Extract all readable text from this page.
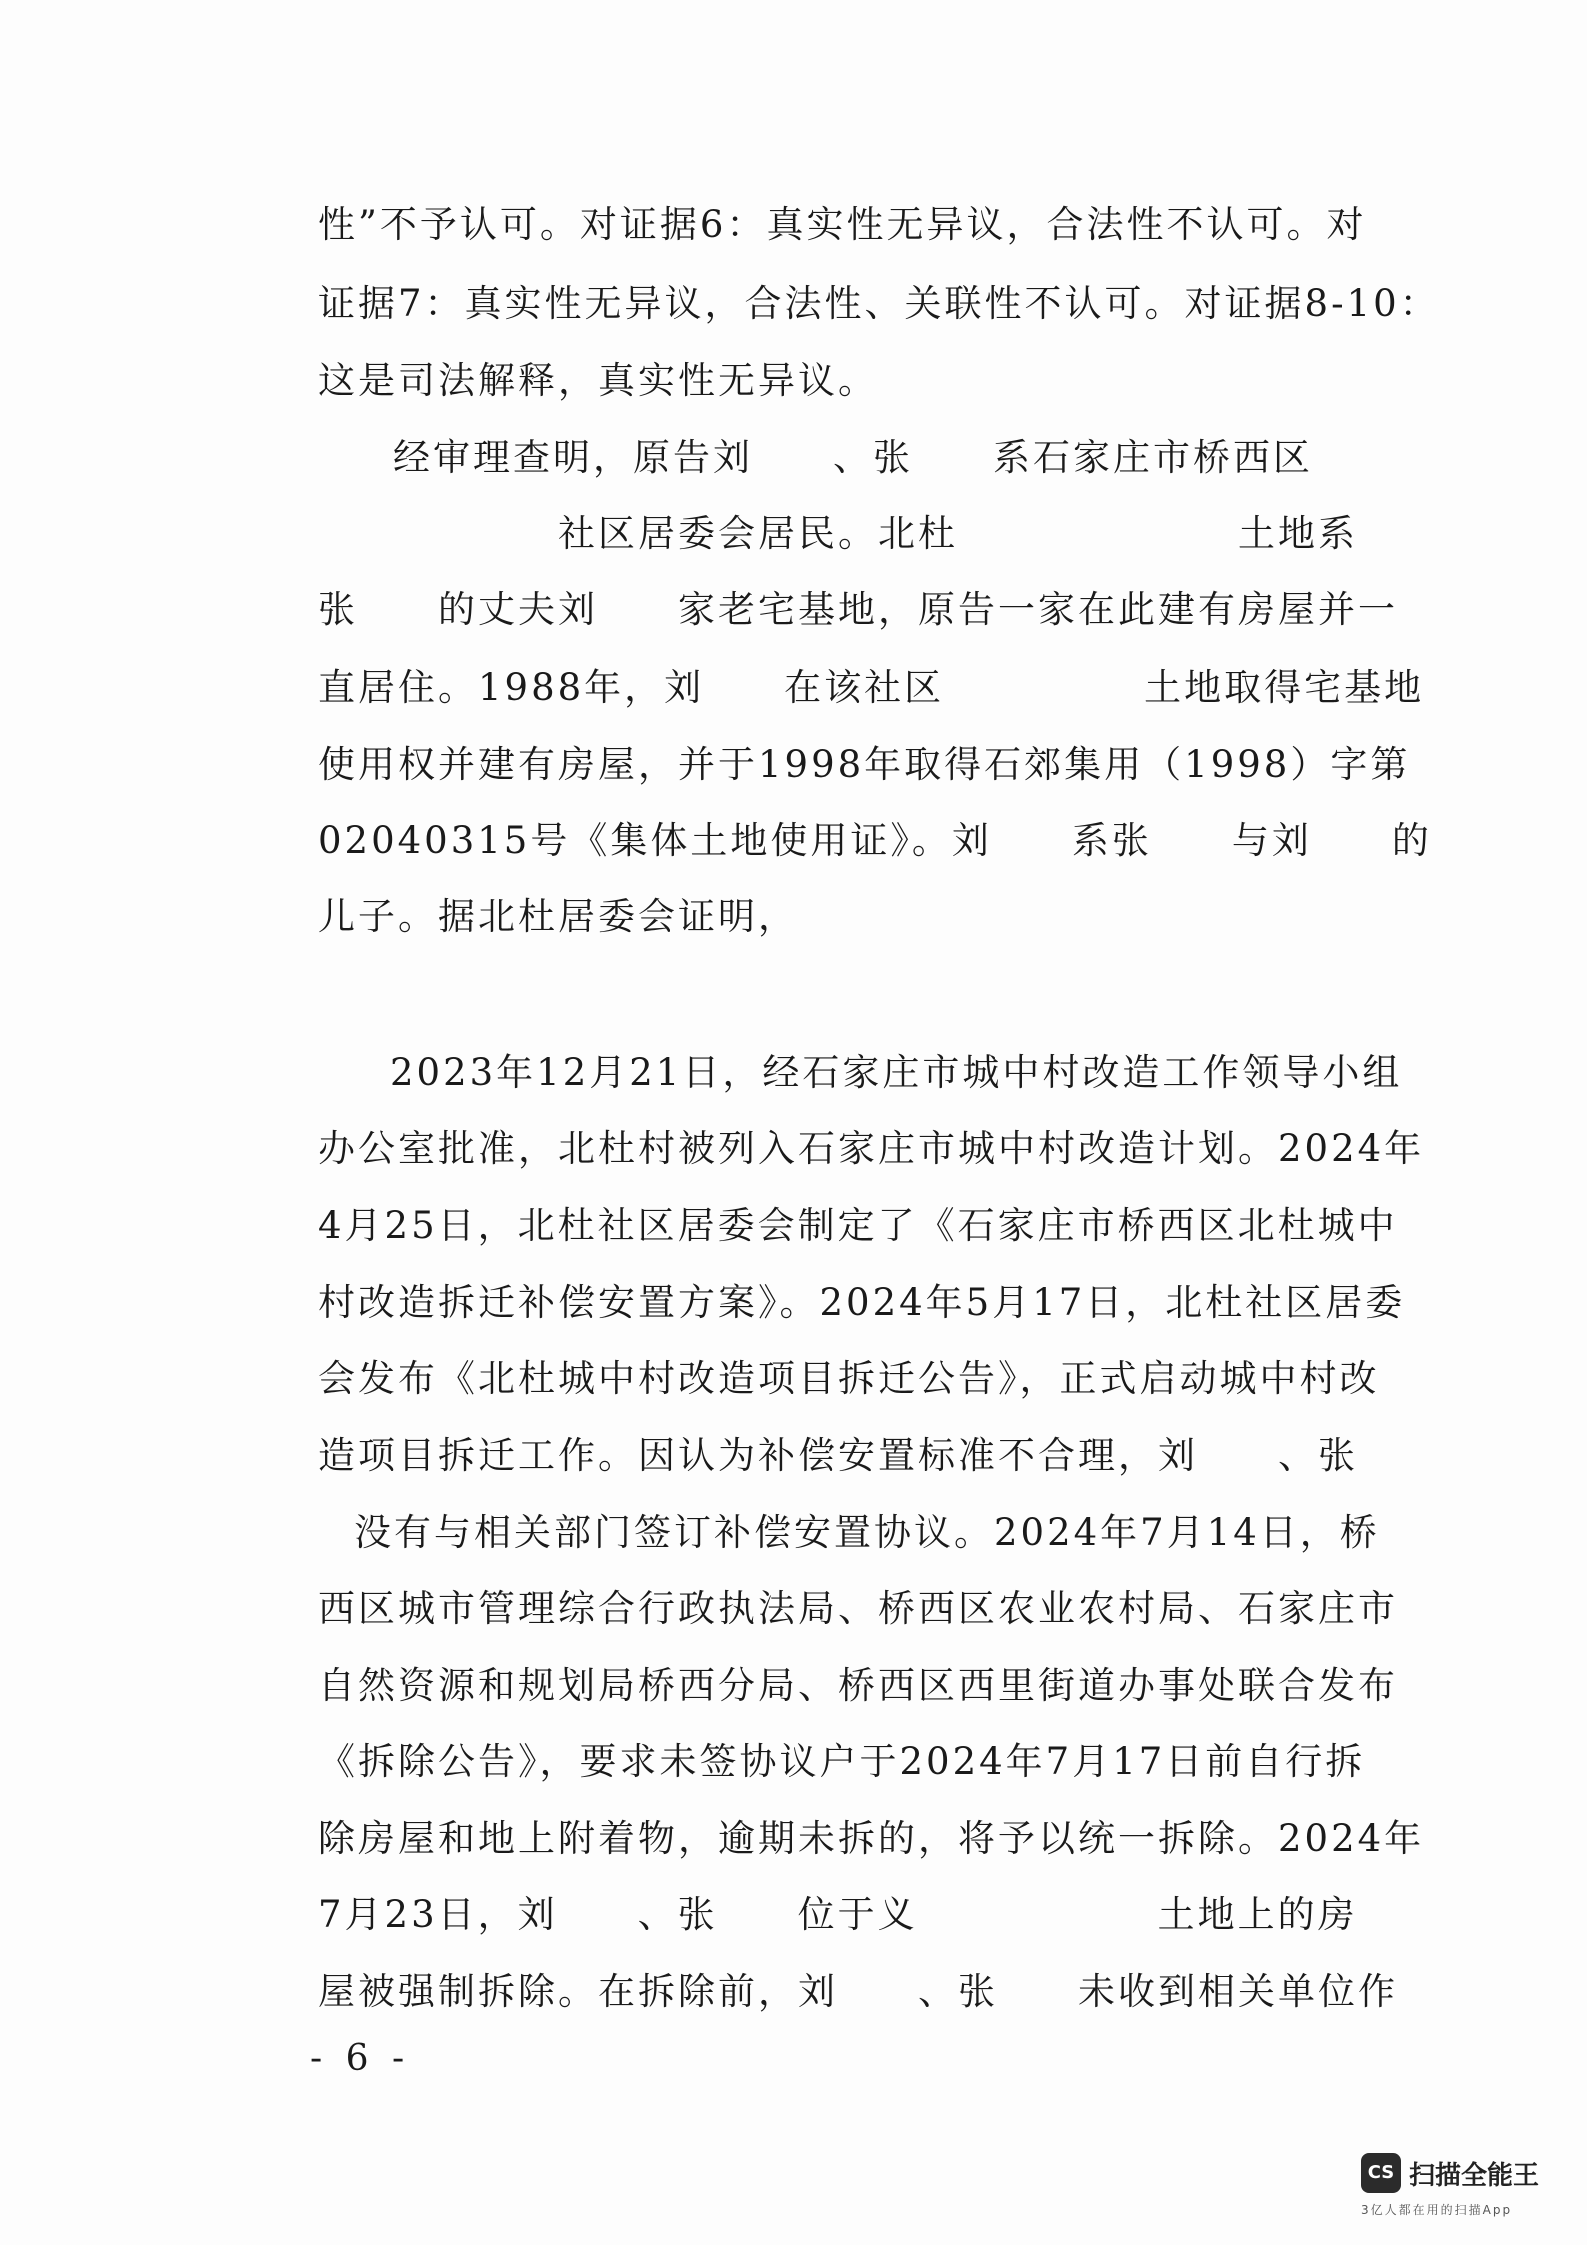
性”不予认可。对证据6：真实性无异议，合法性不认可。对
证据7：真实性无异议，合法性、关联性不认可。对证据8-10：
这是司法解释，真实性无异议。
经审理查明，原告刘　　、张　　系石家庄市桥西区
　　　　　　社区居委会居民。北杜　　　　　　　土地系
张　　的丈夫刘　　家老宅基地，原告一家在此建有房屋并一
直居住。1988年，刘　　在该社区　　　　　土地取得宅基地
使用权并建有房屋，并于1998年取得石郊集用（1998）字第
02040315号《集体土地使用证》。刘　　系张　　与刘　　的
儿子。据北杜居委会证明，
2023年12月21日，经石家庄市城中村改造工作领导小组
办公室批准，北杜村被列入石家庄市城中村改造计划。2024年
4月25日，北杜社区居委会制定了《石家庄市桥西区北杜城中
村改造拆迁补偿安置方案》。2024年5月17日，北杜社区居委
会发布《北杜城中村改造项目拆迁公告》，正式启动城中村改
造项目拆迁工作。因认为补偿安置标准不合理，刘　　、张
没有与相关部门签订补偿安置协议。2024年7月14日，桥
西区城市管理综合行政执法局、桥西区农业农村局、石家庄市
自然资源和规划局桥西分局、桥西区西里街道办事处联合发布
《拆除公告》，要求未签协议户于2024年7月17日前自行拆
除房屋和地上附着物，逾期未拆的，将予以统一拆除。2024年
7月23日，刘　　、张　　位于义　　　　　　土地上的房
屋被强制拆除。在拆除前，刘　　、张　　未收到相关单位作
- 6 -
CS 扫描全能王
3亿人都在用的扫描App
